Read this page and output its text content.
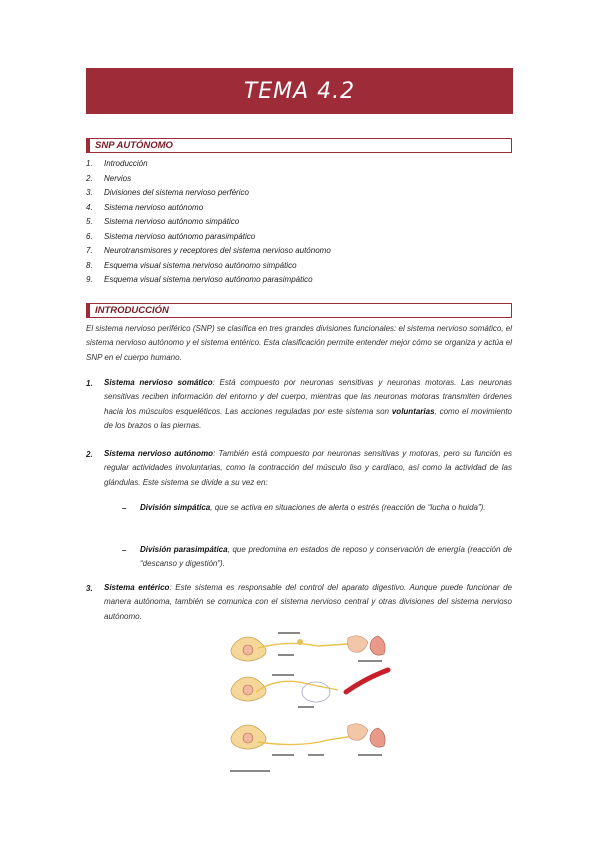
TEMA 4.2
SNP AUTÓNOMO
1. Introducción
2. Nervios
3. Divisiones del sistema nervioso perférico
4. Sistema nervioso autónomo
5. Sistema nervioso autónomo simpático
6. Sistema nervioso autónomo parasimpático
7. Neurotransmisores y receptores del sistema nervioso autónomo
8. Esquema visual sistema nervioso autónomo simpático
9. Esquema visual sistema nervioso autónomo parasimpático
INTRODUCCIÓN
El sistema nervioso periférico (SNP) se clasifica en tres grandes divisiones funcionales: el sistema nervioso somático, el sistema nervioso autónomo y el sistema entérico. Esta clasificación permite entender mejor cómo se organiza y actúa el SNP en el cuerpo humano.
1. Sistema nervioso somático: Está compuesto por neuronas sensitivas y neuronas motoras. Las neuronas sensitivas reciben información del entorno y del cuerpo, mientras que las neuronas motoras transmiten órdenes hacia los músculos esqueléticos. Las acciones reguladas por este sistema son voluntarias, como el movimiento de los brazos o las piernas.
2. Sistema nervioso autónomo: También está compuesto por neuronas sensitivas y motoras, pero su función es regular actividades involuntarias, como la contracción del músculo liso y cardíaco, así como la actividad de las glándulas. Este sistema se divide a su vez en:
– División simpática, que se activa en situaciones de alerta o estrés (reacción de “lucha o huida”).
– División parasimpática, que predomina en estados de reposo y conservación de energía (reacción de “descanso y digestión”).
3. Sistema entérico: Este sistema es responsable del control del aparato digestivo. Aunque puede funcionar de manera autónoma, también se comunica con el sistema nervioso central y otras divisiones del sistema nervioso autónomo.
